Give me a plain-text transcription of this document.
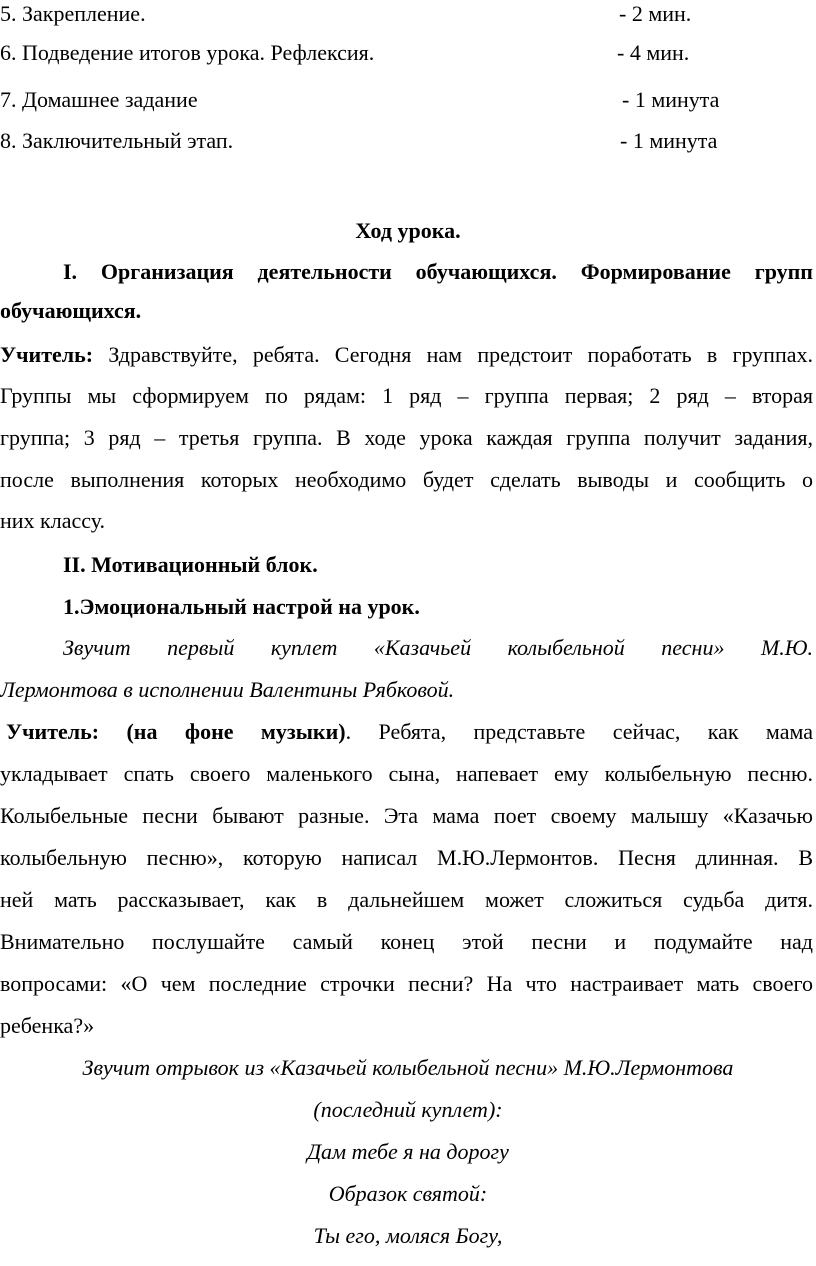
5. Закрепление.	- 2 мин.
6. Подведение итогов урока. Рефлексия.	- 4 мин.
7. Домашнее задание	- 1 минута
8. Заключительный этап.	- 1 минута
Ход урока.
I. Организация деятельности обучающихся. Формирование групп
обучающихся.
Учитель: Здравствуйте, ребята. Сегодня нам предстоит поработать в группах.
Группы мы сформируем по рядам: 1 ряд – группа первая; 2 ряд – вторая
группа; 3 ряд – третья группа. В ходе урока каждая группа получит задания,
после выполнения которых необходимо будет сделать выводы и сообщить о
них классу.
II. Мотивационный блок.
1.Эмоциональный настрой на урок.
Звучит первый куплет «Казачьей колыбельной песни» М.Ю.
Лермонтова в исполнении Валентины Рябковой.
Учитель: (на фоне музыки). Ребята, представьте сейчас, как мама
укладывает спать своего маленького сына, напевает ему колыбельную песню.
Колыбельные песни бывают разные. Эта мама поет своему малышу «Казачью
колыбельную песню», которую написал М.Ю.Лермонтов. Песня длинная. В
ней мать рассказывает, как в дальнейшем может сложиться судьба дитя.
Внимательно послушайте самый конец этой песни и подумайте над
вопросами: «О чем последние строчки песни? На что настраивает мать своего
ребенка?»
Звучит отрывок из «Казачьей колыбельной песни» М.Ю.Лермонтова
(последний куплет):
Дам тебе я на дорогу
Образок святой:
Ты его, моляся Богу,
